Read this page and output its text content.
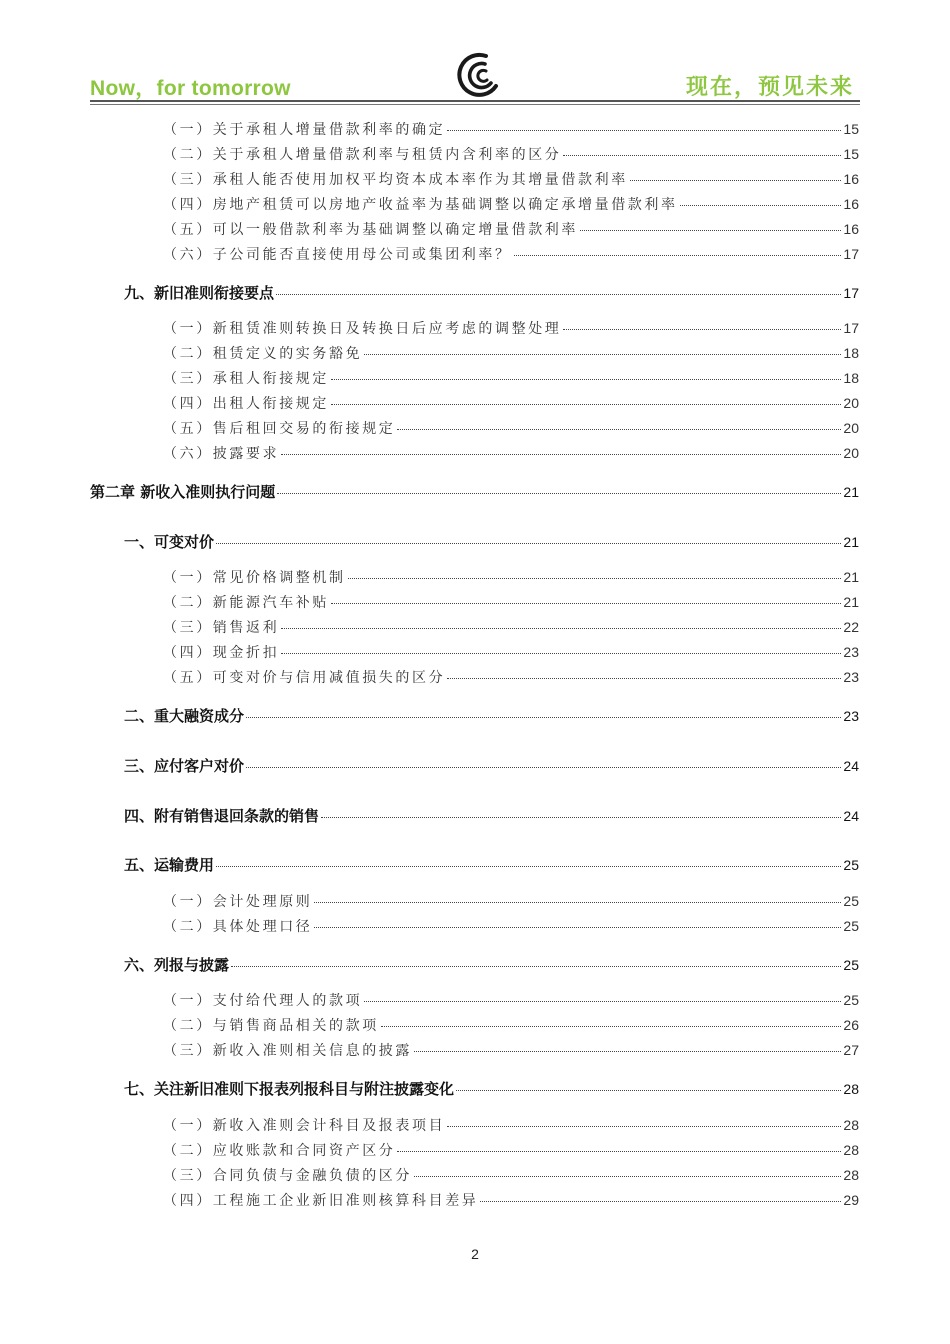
Now，for tomorrow	现在，预见未来
（一）关于承租人增量借款利率的确定	15
（二）关于承租人增量借款利率与租赁内含利率的区分	15
（三）承租人能否使用加权平均资本成本率作为其增量借款利率	16
（四）房地产租赁可以房地产收益率为基础调整以确定承增量借款利率	16
（五）可以一般借款利率为基础调整以确定增量借款利率	16
（六）子公司能否直接使用母公司或集团利率？	17
九、新旧准则衔接要点	17
（一）新租赁准则转换日及转换日后应考虑的调整处理	17
（二）租赁定义的实务豁免	18
（三）承租人衔接规定	18
（四）出租人衔接规定	20
（五）售后租回交易的衔接规定	20
（六）披露要求	20
第二章 新收入准则执行问题	21
一、可变对价	21
（一）常见价格调整机制	21
（二）新能源汽车补贴	21
（三）销售返利	22
（四）现金折扣	23
（五）可变对价与信用减值损失的区分	23
二、重大融资成分	23
三、应付客户对价	24
四、附有销售退回条款的销售	24
五、运输费用	25
（一）会计处理原则	25
（二）具体处理口径	25
六、列报与披露	25
（一）支付给代理人的款项	25
（二）与销售商品相关的款项	26
（三）新收入准则相关信息的披露	27
七、关注新旧准则下报表列报科目与附注披露变化	28
（一）新收入准则会计科目及报表项目	28
（二）应收账款和合同资产区分	28
（三）合同负债与金融负债的区分	28
（四）工程施工企业新旧准则核算科目差异	29
2
